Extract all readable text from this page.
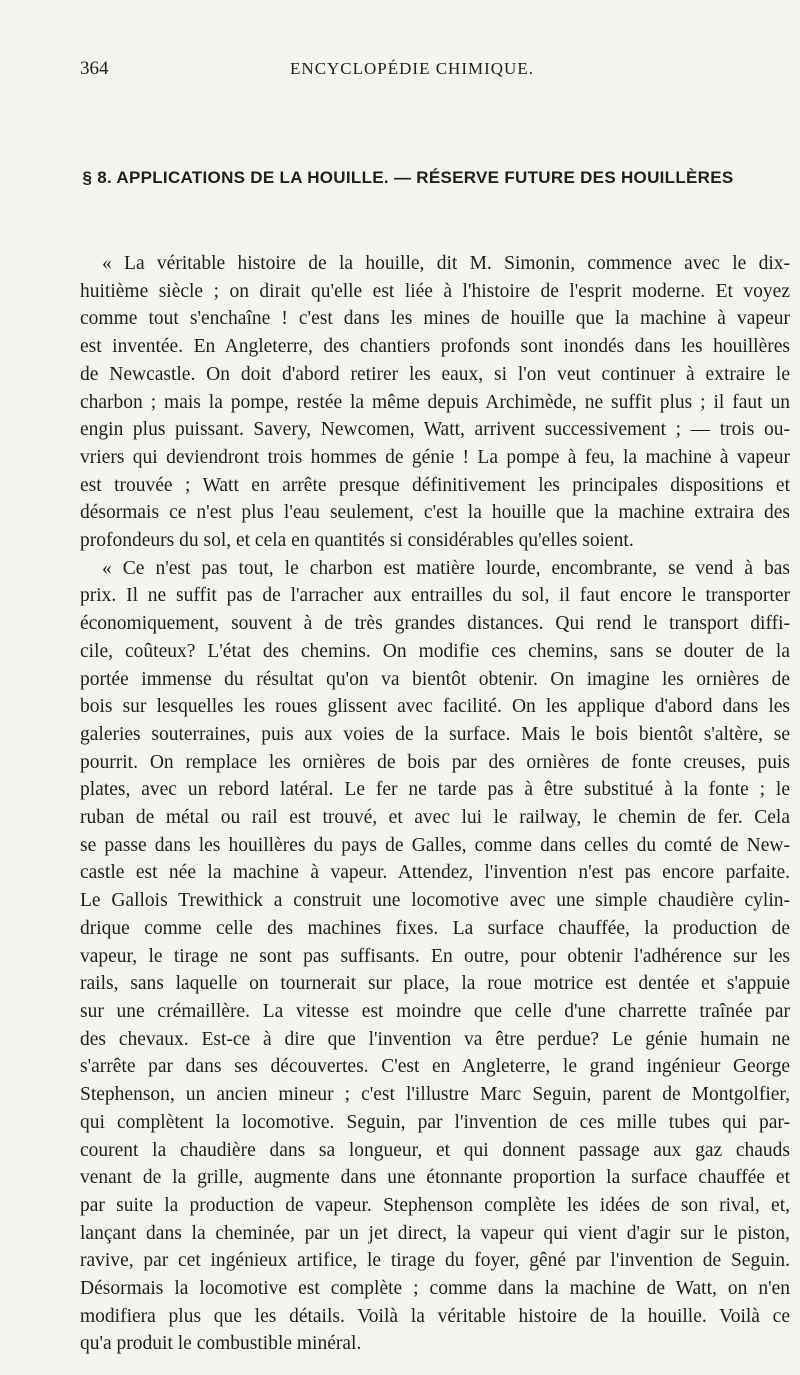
364	ENCYCLOPÉDIE CHIMIQUE.
§ 8. APPLICATIONS DE LA HOUILLE. — RÉSERVE FUTURE DES HOUILLÈRES
« La véritable histoire de la houille, dit M. Simonin, commence avec le dix-
huitième siècle ; on dirait qu'elle est liée à l'histoire de l'esprit moderne. Et voyez
comme tout s'enchaîne ! c'est dans les mines de houille que la machine à vapeur
est inventée. En Angleterre, des chantiers profonds sont inondés dans les houillères
de Newcastle. On doit d'abord retirer les eaux, si l'on veut continuer à extraire le
charbon ; mais la pompe, restée la même depuis Archimède, ne suffit plus ; il faut un
engin plus puissant. Savery, Newcomen, Watt, arrivent successivement ; — trois ou-
vriers qui deviendront trois hommes de génie ! La pompe à feu, la machine à vapeur
est trouvée ; Watt en arrête presque définitivement les principales dispositions et
désormais ce n'est plus l'eau seulement, c'est la houille que la machine extraira des
profondeurs du sol, et cela en quantités si considérables qu'elles soient.
« Ce n'est pas tout, le charbon est matière lourde, encombrante, se vend à bas
prix. Il ne suffit pas de l'arracher aux entrailles du sol, il faut encore le transporter
économiquement, souvent à de très grandes distances. Qui rend le transport diffi-
cile, coûteux? L'état des chemins. On modifie ces chemins, sans se douter de la
portée immense du résultat qu'on va bientôt obtenir. On imagine les ornières de
bois sur lesquelles les roues glissent avec facilité. On les applique d'abord dans les
galeries souterraines, puis aux voies de la surface. Mais le bois bientôt s'altère, se
pourrit. On remplace les ornières de bois par des ornières de fonte creuses, puis
plates, avec un rebord latéral. Le fer ne tarde pas à être substitué à la fonte ; le
ruban de métal ou rail est trouvé, et avec lui le railway, le chemin de fer. Cela
se passe dans les houillères du pays de Galles, comme dans celles du comté de New-
castle est née la machine à vapeur. Attendez, l'invention n'est pas encore parfaite.
Le Gallois Trewithick a construit une locomotive avec une simple chaudière cylin-
drique comme celle des machines fixes. La surface chauffée, la production de
vapeur, le tirage ne sont pas suffisants. En outre, pour obtenir l'adhérence sur les
rails, sans laquelle on tournerait sur place, la roue motrice est dentée et s'appuie
sur une crémaillère. La vitesse est moindre que celle d'une charrette traînée par
des chevaux. Est-ce à dire que l'invention va être perdue? Le génie humain ne
s'arrête par dans ses découvertes. C'est en Angleterre, le grand ingénieur George
Stephenson, un ancien mineur ; c'est l'illustre Marc Seguin, parent de Montgolfier,
qui complètent la locomotive. Seguin, par l'invention de ces mille tubes qui par-
courent la chaudière dans sa longueur, et qui donnent passage aux gaz chauds
venant de la grille, augmente dans une étonnante proportion la surface chauffée et
par suite la production de vapeur. Stephenson complète les idées de son rival, et,
lançant dans la cheminée, par un jet direct, la vapeur qui vient d'agir sur le piston,
ravive, par cet ingénieux artifice, le tirage du foyer, gêné par l'invention de Seguin.
Désormais la locomotive est complète ; comme dans la machine de Watt, on n'en
modifiera plus que les détails. Voilà la véritable histoire de la houille. Voilà ce
qu'a produit le combustible minéral.
